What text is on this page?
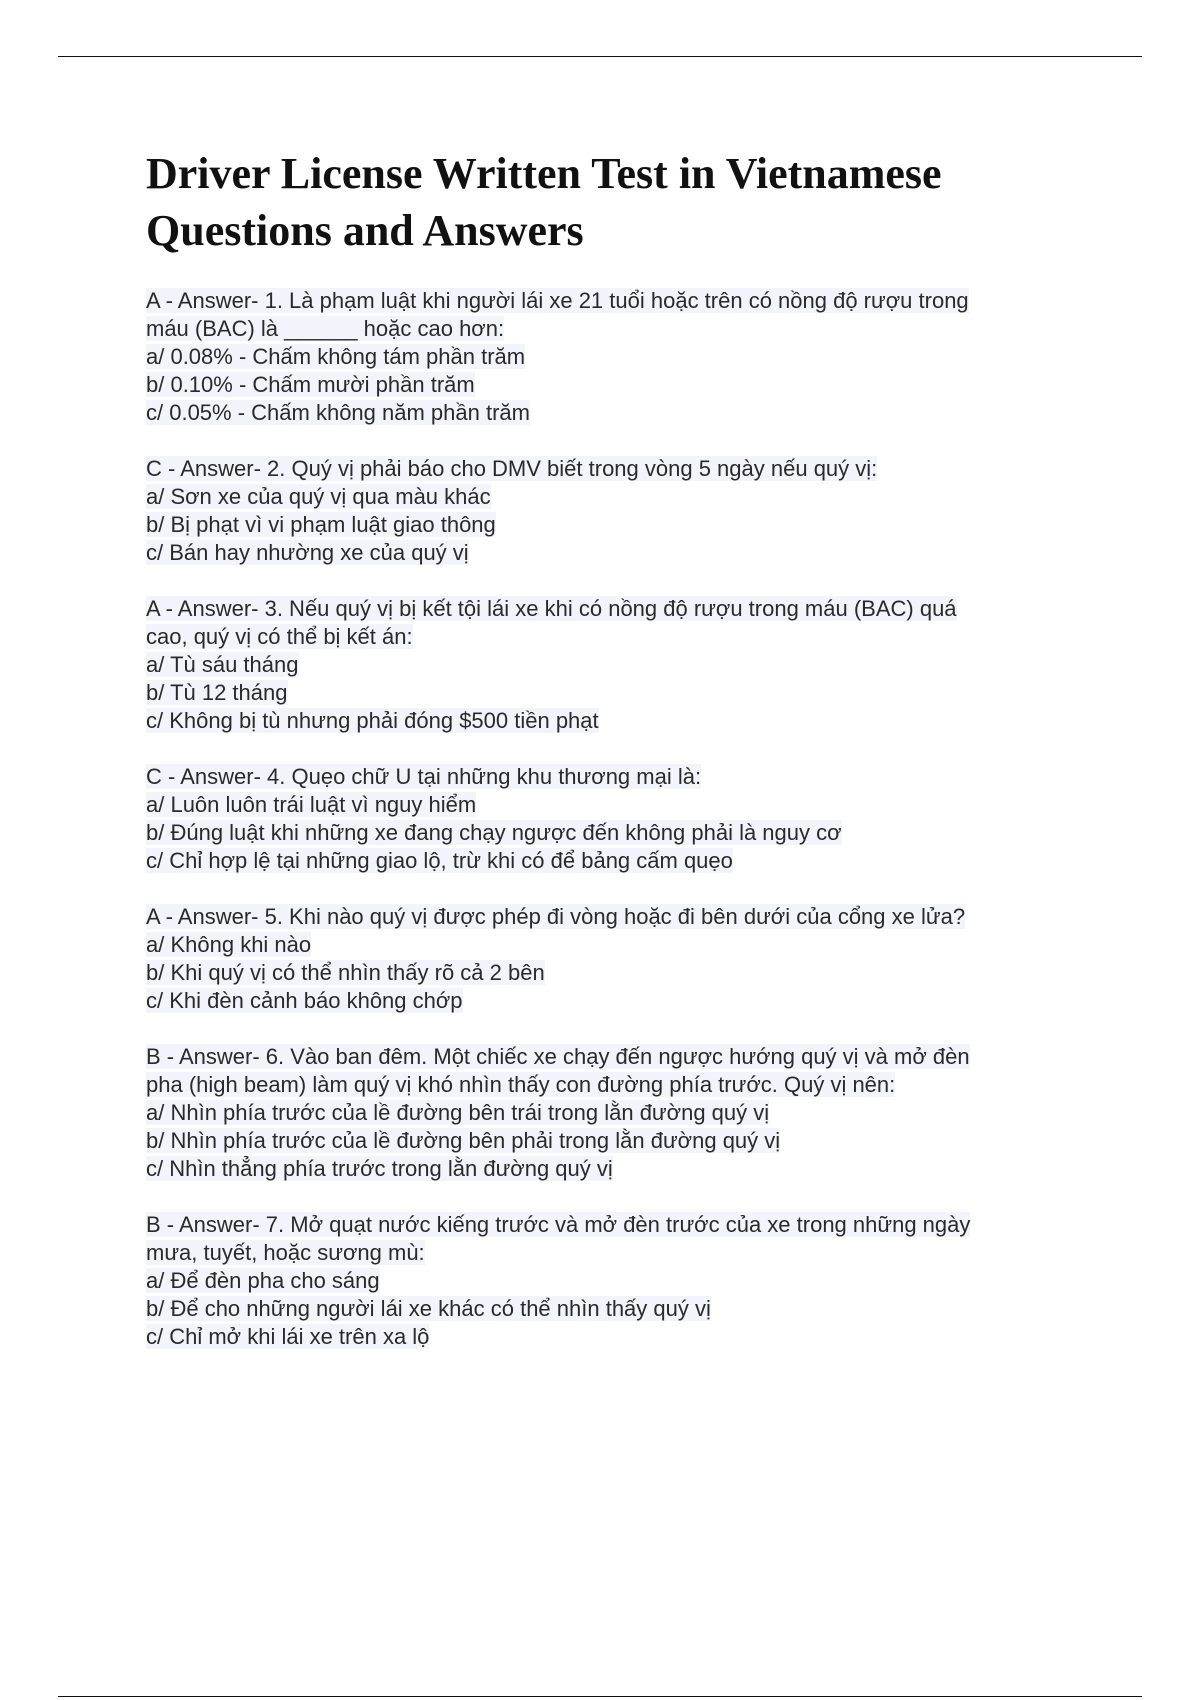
Driver License Written Test in Vietnamese
Questions and Answers
A - Answer- 1. Là phạm luật khi người lái xe 21 tuổi hoặc trên có nồng độ rượu trong
máu (BAC) là ______ hoặc cao hơn:
a/ 0.08% - Chấm không tám phần trăm
b/ 0.10% - Chấm mười phần trăm
c/ 0.05% - Chấm không năm phần trăm
C - Answer- 2. Quý vị phải báo cho DMV biết trong vòng 5 ngày nếu quý vị:
a/ Sơn xe của quý vị qua màu khác
b/ Bị phạt vì vi phạm luật giao thông
c/ Bán hay nhường xe của quý vị
A - Answer- 3. Nếu quý vị bị kết tội lái xe khi có nồng độ rượu trong máu (BAC) quá
cao, quý vị có thể bị kết án:
a/ Tù sáu tháng
b/ Tù 12 tháng
c/ Không bị tù nhưng phải đóng $500 tiền phạt
C - Answer- 4. Quẹo chữ U tại những khu thương mại là:
a/ Luôn luôn trái luật vì nguy hiểm
b/ Đúng luật khi những xe đang chạy ngược đến không phải là nguy cơ
c/ Chỉ hợp lệ tại những giao lộ, trừ khi có để bảng cấm quẹo
A - Answer- 5. Khi nào quý vị được phép đi vòng hoặc đi bên dưới của cổng xe lửa?
a/ Không khi nào
b/ Khi quý vị có thể nhìn thấy rõ cả 2 bên
c/ Khi đèn cảnh báo không chớp
B - Answer- 6. Vào ban đêm. Một chiếc xe chạy đến ngược hướng quý vị và mở đèn
pha (high beam) làm quý vị khó nhìn thấy con đường phía trước. Quý vị nên:
a/ Nhìn phía trước của lề đường bên trái trong lằn đường quý vị
b/ Nhìn phía trước của lề đường bên phải trong lằn đường quý vị
c/ Nhìn thẳng phía trước trong lằn đường quý vị
B - Answer- 7. Mở quạt nước kiếng trước và mở đèn trước của xe trong những ngày
mưa, tuyết, hoặc sương mù:
a/ Để đèn pha cho sáng
b/ Để cho những người lái xe khác có thể nhìn thấy quý vị
c/ Chỉ mở khi lái xe trên xa lộ
